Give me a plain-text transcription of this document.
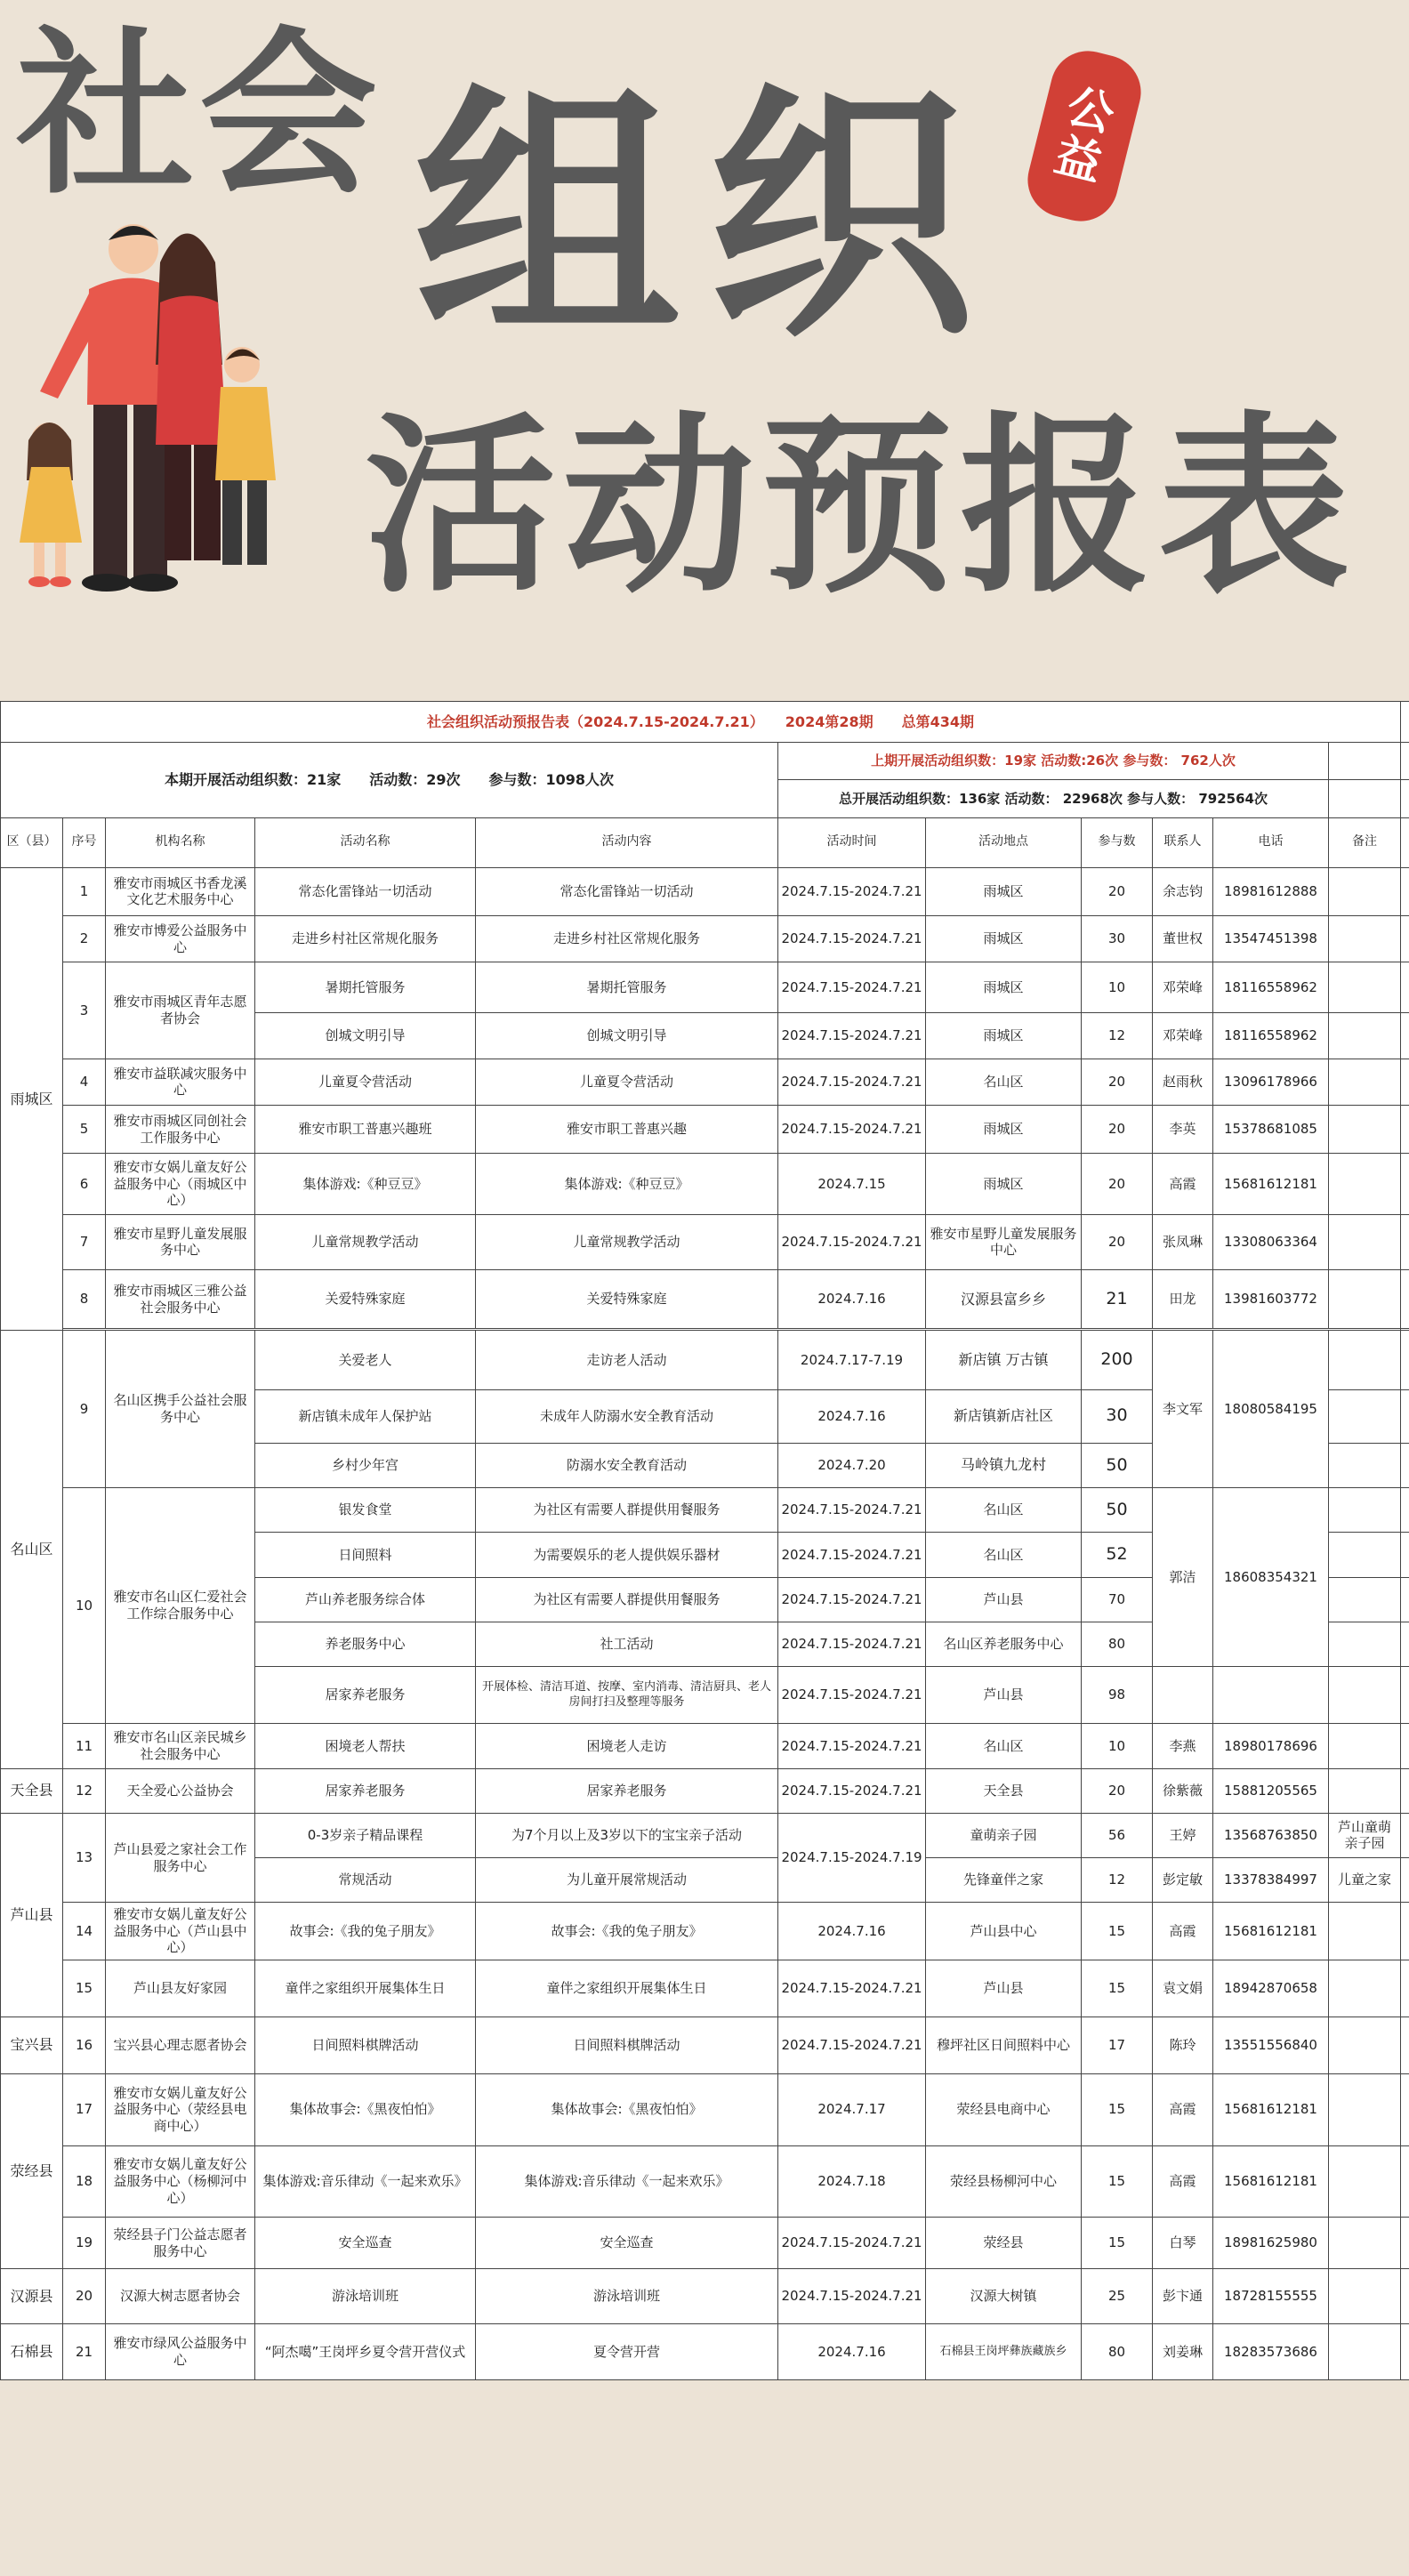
社会 组织
活动预报表
公
益
社会组织活动预报告表（2024.7.15-2024.7.21）　　2024第28期　　总第434期											
本期开展活动组织数：21家　　活动数：29次　　参与数：1098人次					上期开展活动组织数：19家 活动数:26次 参与数： 762人次						
					总开展活动组织数：136家 活动数： 22968次 参与人数： 792564次						
区（县）	序号	机构名称	活动名称	活动内容	活动时间	活动地点	参与数	联系人	电话	备注	
雨城区	1	雅安市雨城区书香龙溪文化艺术服务中心	常态化雷锋站一切活动	常态化雷锋站一切活动	2024.7.15-2024.7.21	雨城区	20	余志钧	18981612888		
	2	雅安市博爱公益服务中心	走进乡村社区常规化服务	走进乡村社区常规化服务	2024.7.15-2024.7.21	雨城区	30	董世权	13547451398		
	3	雅安市雨城区青年志愿者协会	暑期托管服务	暑期托管服务	2024.7.15-2024.7.21	雨城区	10	邓荣峰	18116558962		
			创城文明引导	创城文明引导	2024.7.15-2024.7.21	雨城区	12	邓荣峰	18116558962		
	4	雅安市益联减灾服务中心	儿童夏令营活动	儿童夏令营活动	2024.7.15-2024.7.21	名山区	20	赵雨秋	13096178966		
	5	雅安市雨城区同创社会工作服务中心	雅安市职工普惠兴趣班	雅安市职工普惠兴趣	2024.7.15-2024.7.21	雨城区	20	李英	15378681085		
	6	雅安市女娲儿童友好公益服务中心（雨城区中心）	集体游戏:《种豆豆》	集体游戏:《种豆豆》	2024.7.15	雨城区	20	高霞	15681612181		
	7	雅安市星野儿童发展服务中心	儿童常规教学活动	儿童常规教学活动	2024.7.15-2024.7.21	雅安市星野儿童发展服务中心	20	张凤琳	13308063364		
	8	雅安市雨城区三雅公益社会服务中心	关爱特殊家庭	关爱特殊家庭	2024.7.16	汉源县富乡乡	21	田龙	13981603772		

名山区	9	名山区携手公益社会服务中心	关爱老人	走访老人活动	2024.7.17-7.19	新店镇 万古镇	200	李文军	18080584195		
			新店镇未成年人保护站	未成年人防溺水安全教育活动	2024.7.16	新店镇新店社区	30				
			乡村少年宫	防溺水安全教育活动	2024.7.20	马岭镇九龙村	50				
	10	雅安市名山区仁爱社会工作综合服务中心	银发食堂	为社区有需要人群提供用餐服务	2024.7.15-2024.7.21	名山区	50	郭洁	18608354321		
			日间照料	为需要娱乐的老人提供娱乐器材	2024.7.15-2024.7.21	名山区	52				
			芦山养老服务综合体	为社区有需要人群提供用餐服务	2024.7.15-2024.7.21	芦山县	70				
			养老服务中心	社工活动	2024.7.15-2024.7.21	名山区养老服务中心	80				
			居家养老服务	开展体检、清洁耳道、按摩、室内消毒、清洁厨具、老人房间打扫及整理等服务	2024.7.15-2024.7.21	芦山县	98				
	11	雅安市名山区亲民城乡社会服务中心	困境老人帮扶	困境老人走访	2024.7.15-2024.7.21	名山区	10	李燕	18980178696		
天全县	12	天全爱心公益协会	居家养老服务	居家养老服务	2024.7.15-2024.7.21	天全县	20	徐紫薇	15881205565		
芦山县	13	芦山县爱之家社会工作服务中心	0-3岁亲子精品课程	为7个月以上及3岁以下的宝宝亲子活动	2024.7.15-2024.7.19	童萌亲子园	56	王婷	13568763850	芦山童萌亲子园	
			常规活动	为儿童开展常规活动		先锋童伴之家	12	彭定敏	13378384997	儿童之家	
	14	雅安市女娲儿童友好公益服务中心（芦山县中心）	故事会:《我的兔子朋友》	故事会:《我的兔子朋友》	2024.7.16	芦山县中心	15	高霞	15681612181		
	15	芦山县友好家园	童伴之家组织开展集体生日	童伴之家组织开展集体生日	2024.7.15-2024.7.21	芦山县	15	袁文娟	18942870658		
宝兴县	16	宝兴县心理志愿者协会	日间照料棋牌活动	日间照料棋牌活动	2024.7.15-2024.7.21	穆坪社区日间照料中心	17	陈玲	13551556840		
荥经县	17	雅安市女娲儿童友好公益服务中心（荥经县电商中心）	集体故事会:《黑夜怕怕》	集体故事会:《黑夜怕怕》	2024.7.17	荥经县电商中心	15	高霞	15681612181		
	18	雅安市女娲儿童友好公益服务中心（杨柳河中心）	集体游戏:音乐律动《一起来欢乐》	集体游戏:音乐律动《一起来欢乐》	2024.7.18	荥经县杨柳河中心	15	高霞	15681612181		
	19	荥经县子门公益志愿者服务中心	安全巡查	安全巡查	2024.7.15-2024.7.21	荥经县	15	白琴	18981625980		
汉源县	20	汉源大树志愿者协会	游泳培训班	游泳培训班	2024.7.15-2024.7.21	汉源大树镇	25	彭卞通	18728155555		
石棉县	21	雅安市绿风公益服务中心	“阿杰噶”王岗坪乡夏令营开营仪式	夏令营开营	2024.7.16	石棉县王岗坪彝族藏族乡	80	刘姜琳	18283573686		
